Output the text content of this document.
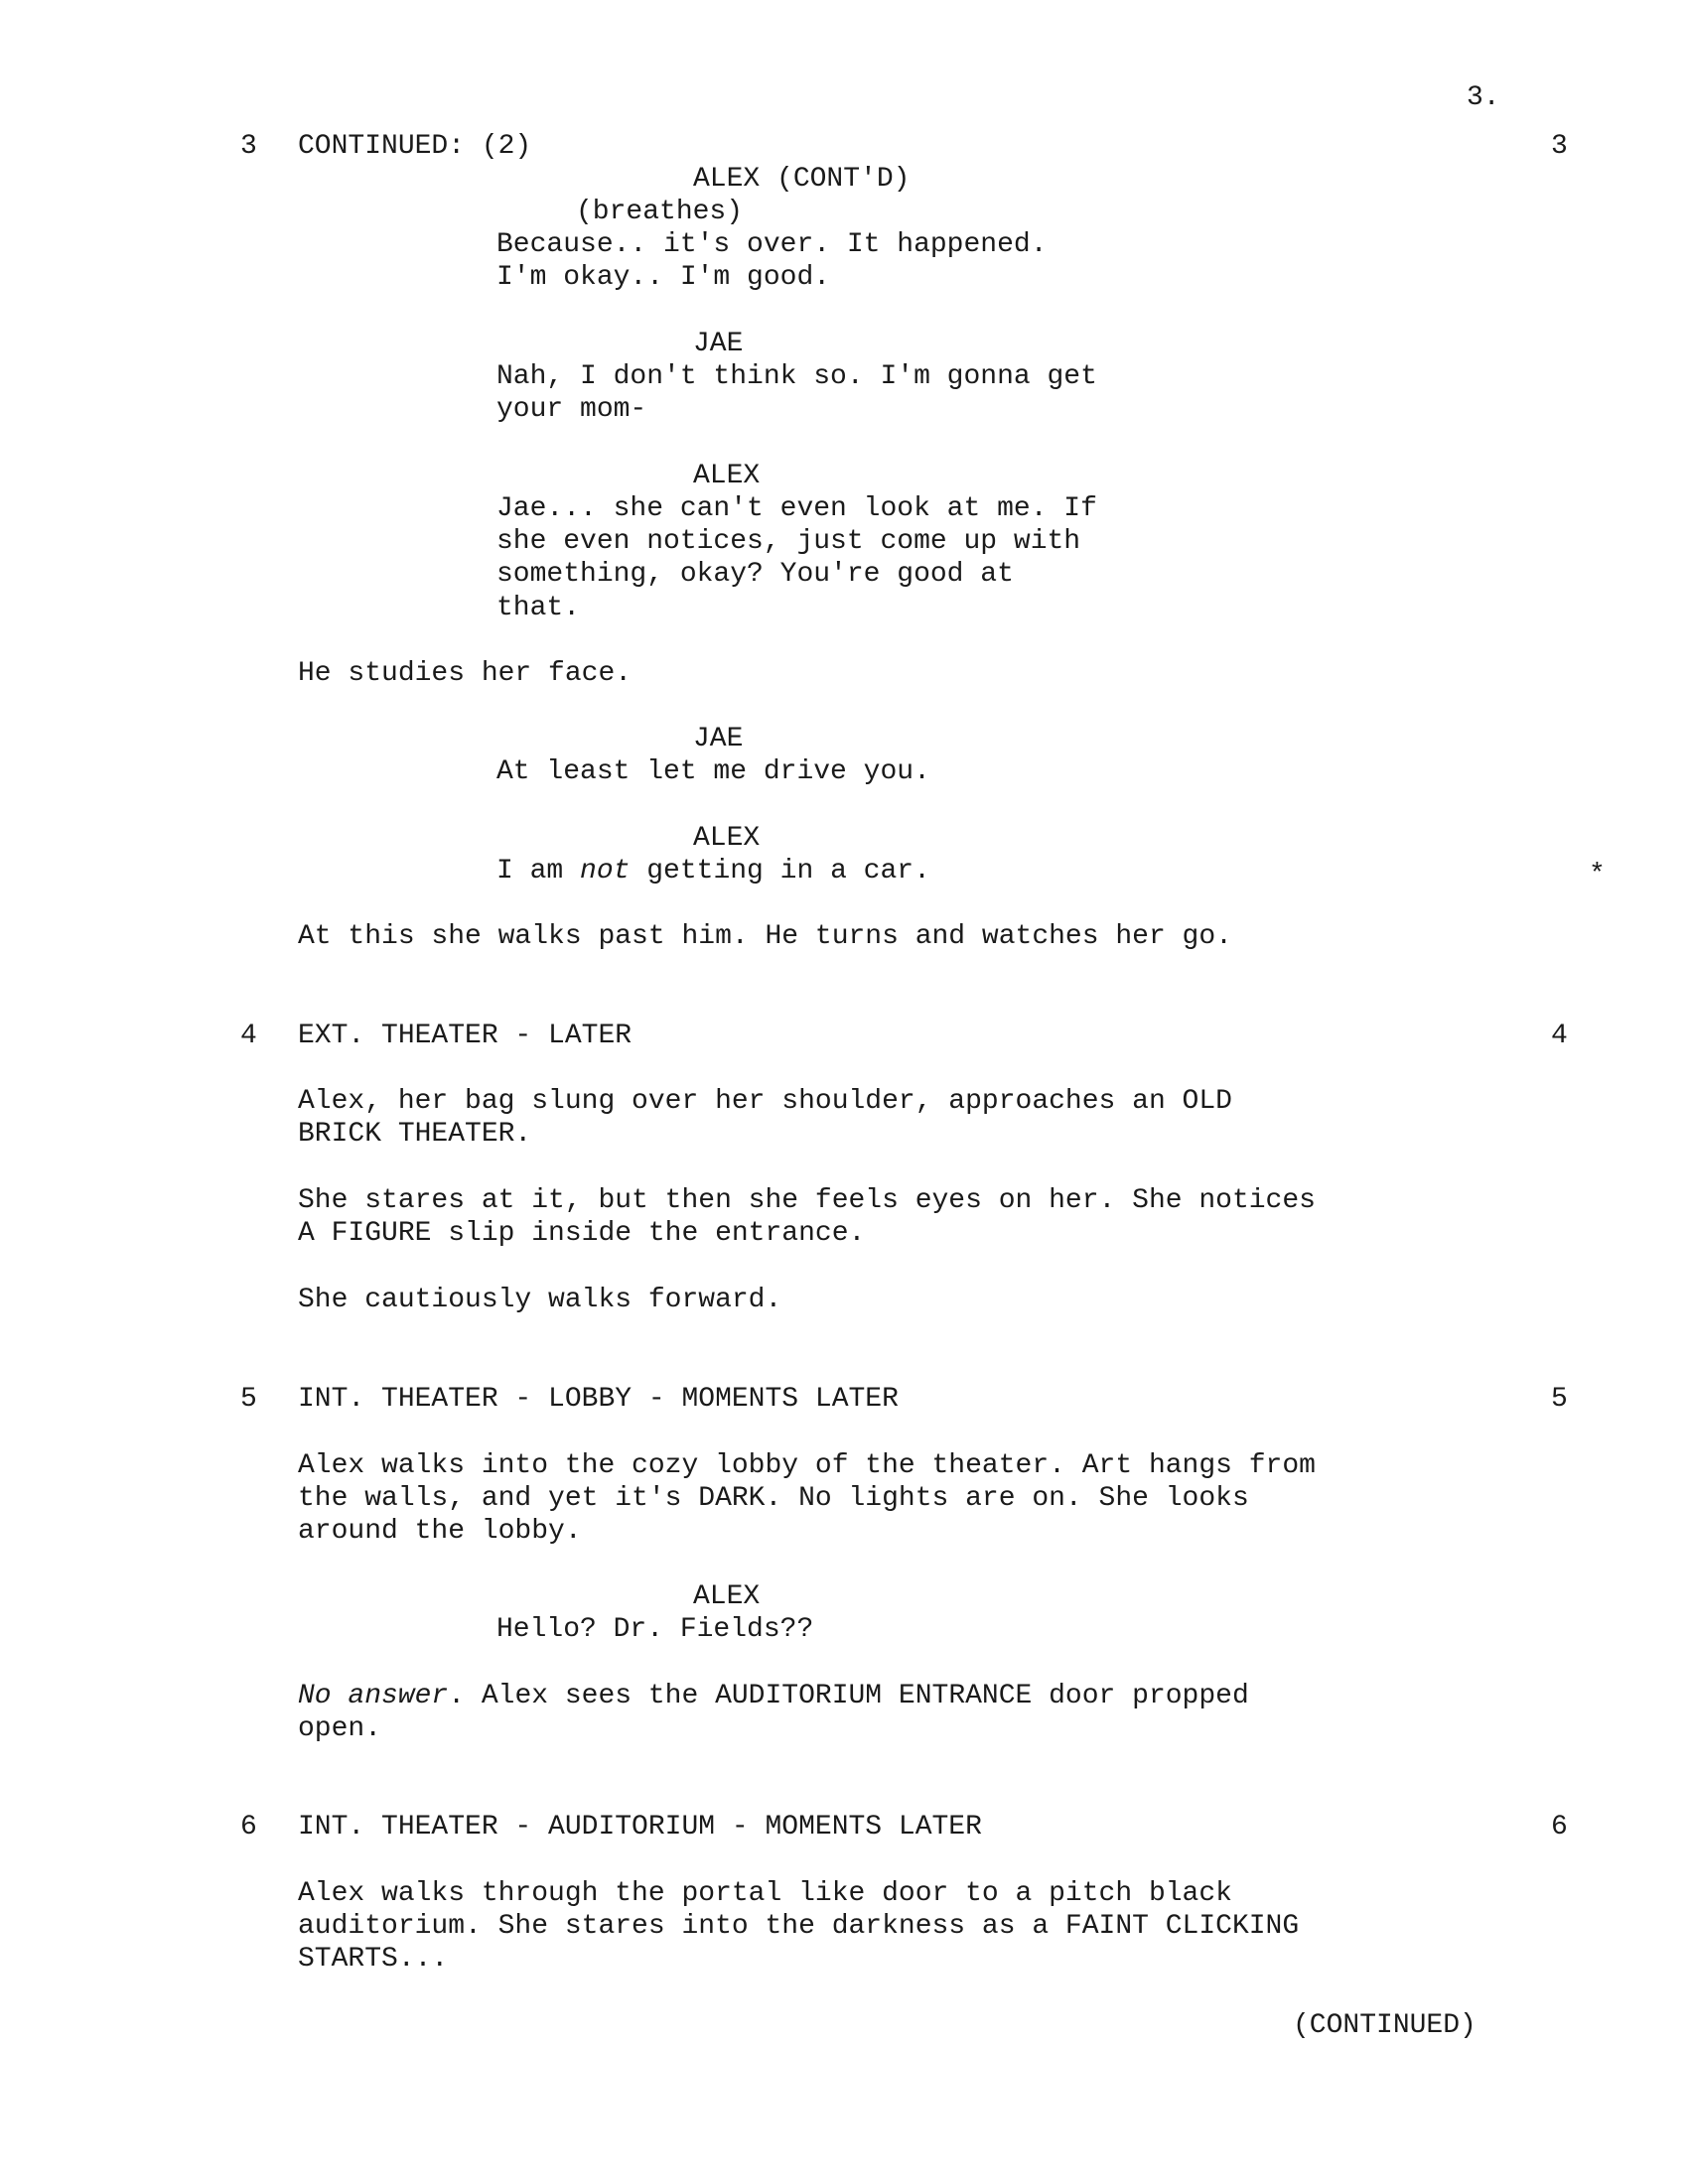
3.
3 CONTINUED: (2)	3
ALEX (CONT'D)
(breathes)
Because.. it's over. It happened.
I'm okay.. I'm good.
JAE
Nah, I don't think so. I'm gonna get
your mom-
ALEX
Jae... she can't even look at me. If
she even notices, just come up with
something, okay? You're good at
that.
He studies her face.
JAE
At least let me drive you.
ALEX
I am not getting in a car.	*
At this she walks past him. He turns and watches her go.
4 EXT. THEATER - LATER	4
Alex, her bag slung over her shoulder, approaches an OLD
BRICK THEATER.
She stares at it, but then she feels eyes on her. She notices
A FIGURE slip inside the entrance.
She cautiously walks forward.
5 INT. THEATER - LOBBY - MOMENTS LATER	5
Alex walks into the cozy lobby of the theater. Art hangs from
the walls, and yet it's DARK. No lights are on. She looks
around the lobby.
ALEX
Hello? Dr. Fields??
No answer. Alex sees the AUDITORIUM ENTRANCE door propped
open.
6 INT. THEATER - AUDITORIUM - MOMENTS LATER	6
Alex walks through the portal like door to a pitch black
auditorium. She stares into the darkness as a FAINT CLICKING
STARTS...
(CONTINUED)
